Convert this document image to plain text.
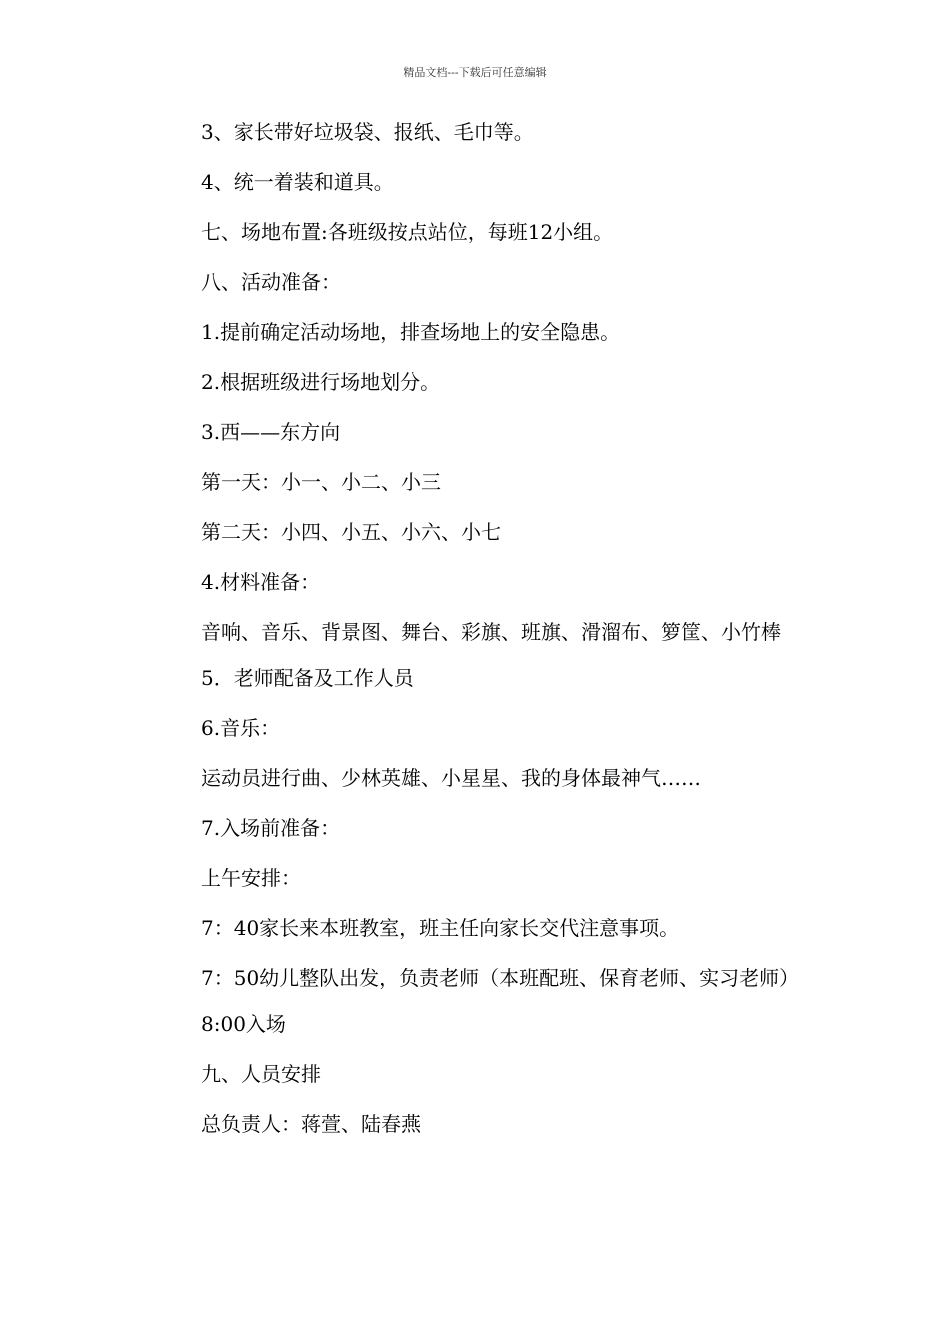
精品文档---下载后可任意编辑

3、家长带好垃圾袋、报纸、毛巾等。

4、统一着装和道具。

七、场地布置:各班级按点站位，每班12小组。

八、活动准备：

1.提前确定活动场地，排查场地上的安全隐患。

2.根据班级进行场地划分。

3.西——东方向

第一天：小一、小二、小三

第二天：小四、小五、小六、小七

4.材料准备：

音响、音乐、背景图、舞台、彩旗、班旗、滑溜布、箩筐、小竹棒

5．老师配备及工作人员

6.音乐：

运动员进行曲、少林英雄、小星星、我的身体最神气……

7.入场前准备：

上午安排：

7：40家长来本班教室，班主任向家长交代注意事项。

7：50幼儿整队出发，负责老师（本班配班、保育老师、实习老师）

8:00入场

九、人员安排

总负责人：蒋萱、陆春燕
